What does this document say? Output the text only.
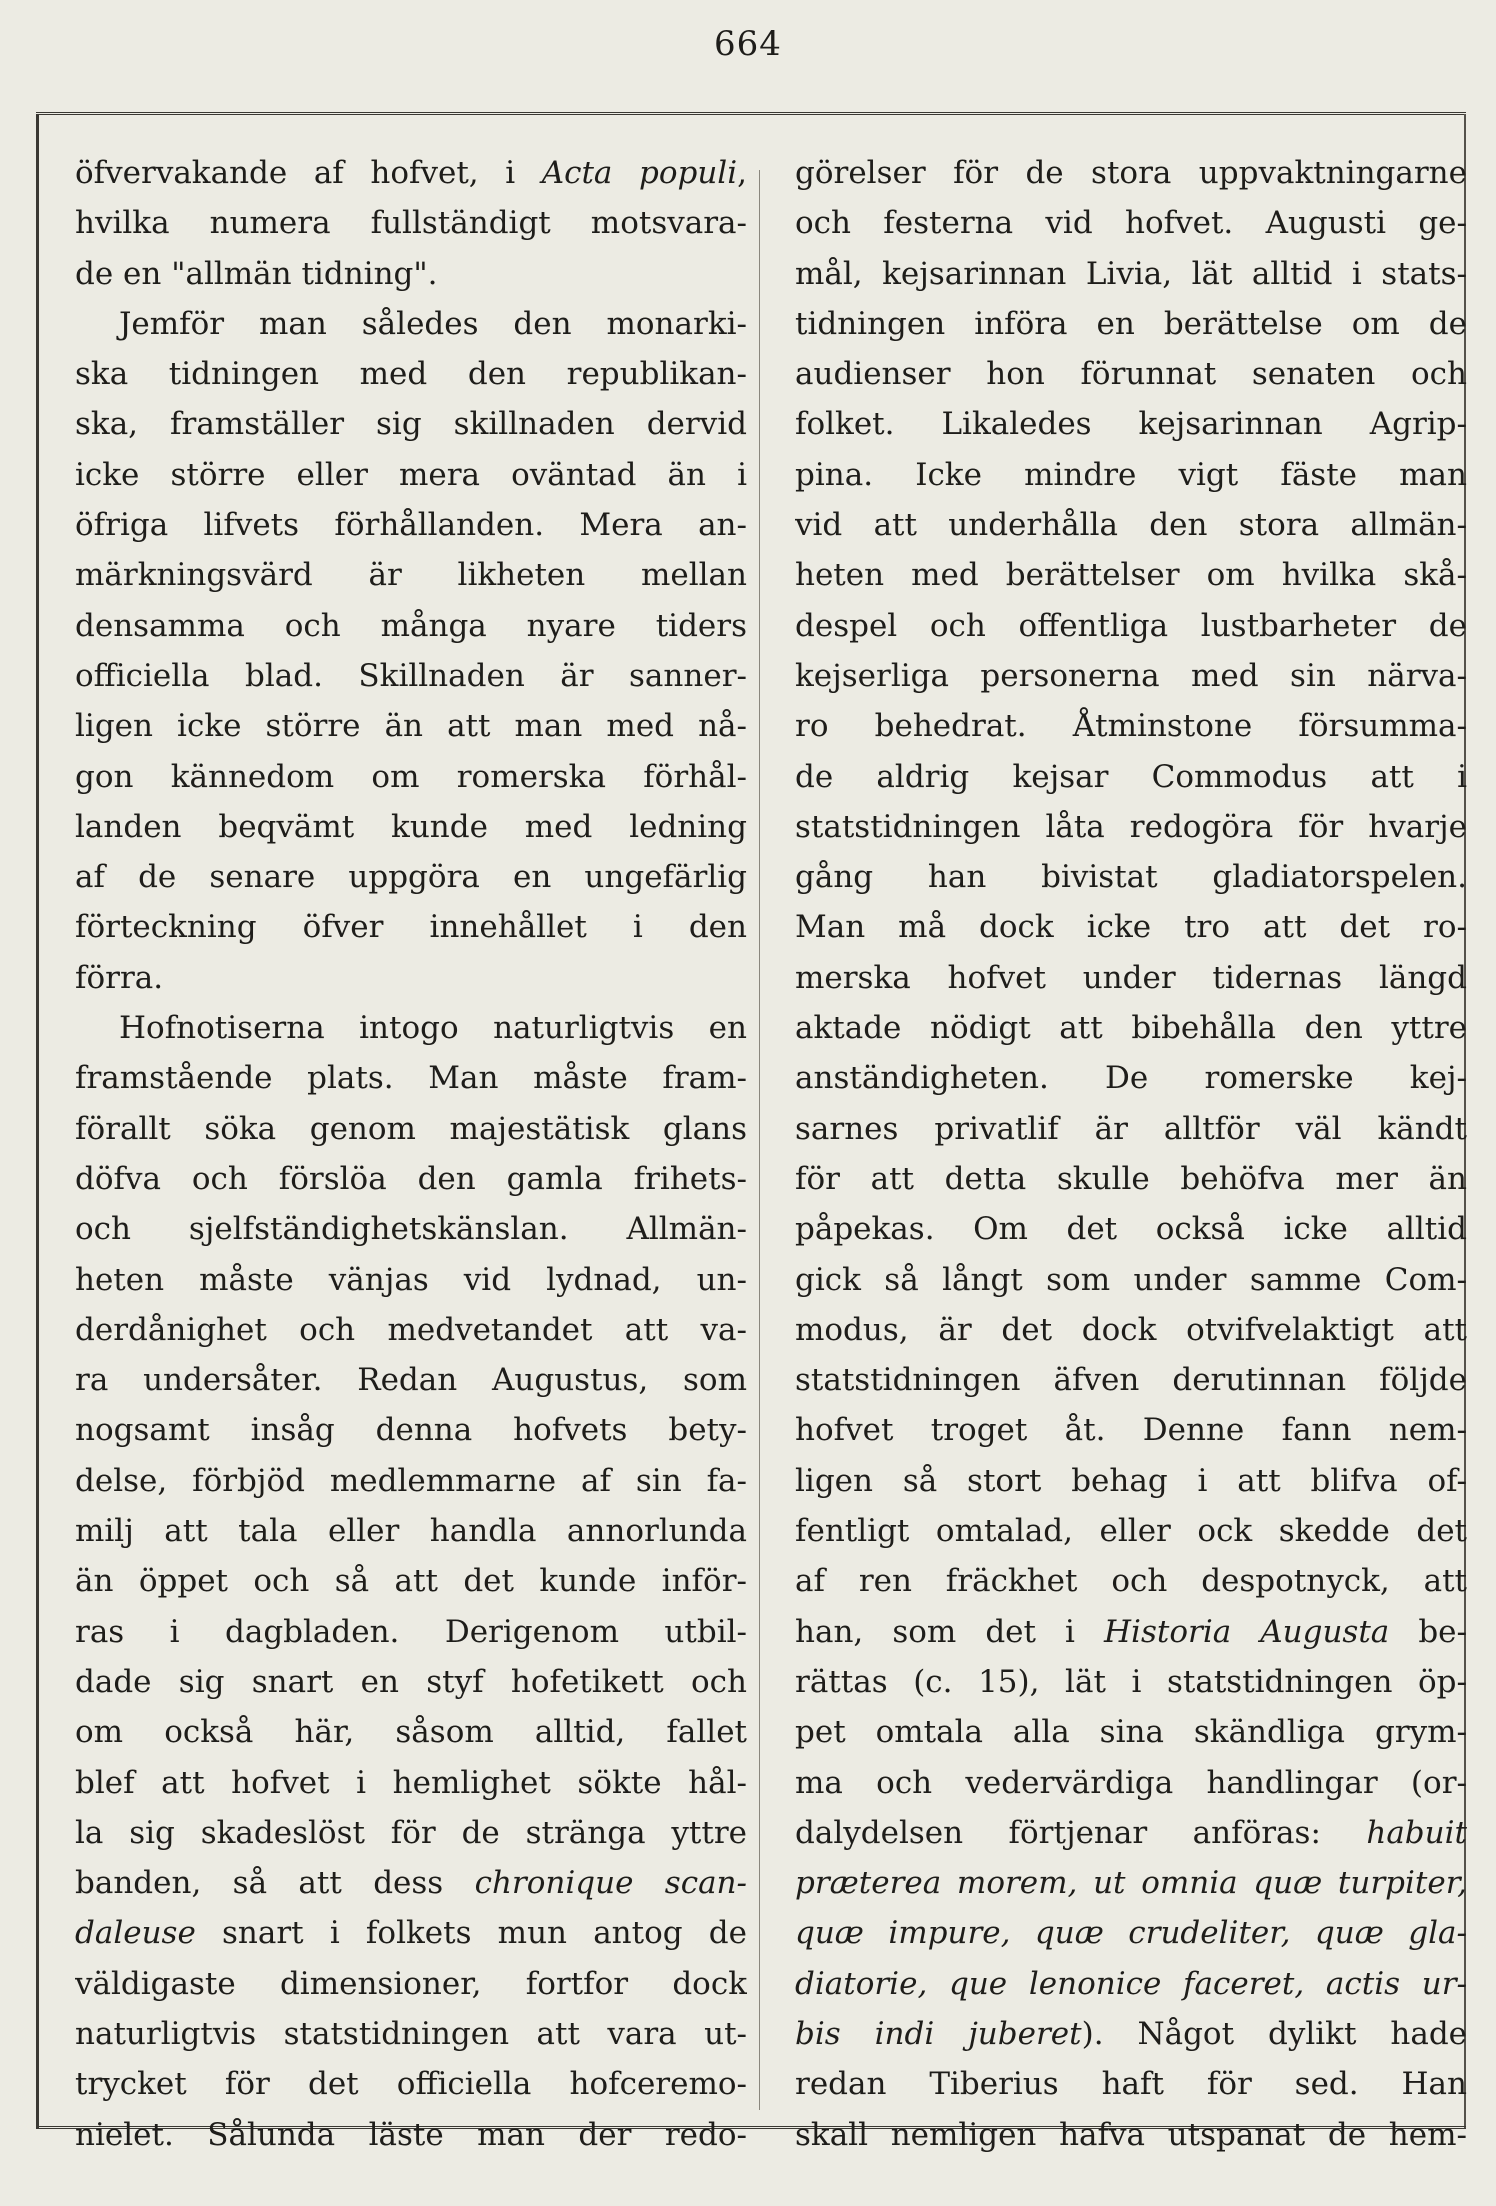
664
öfvervakande af hofvet, i Acta populi,
hvilka numera fullständigt motsvara-
de en "allmän tidning".
Jemför man således den monarki-
ska tidningen med den republikan-
ska, framställer sig skillnaden dervid
icke större eller mera oväntad än i
öfriga lifvets förhållanden. Mera an-
märkningsvärd är likheten mellan
densamma och många nyare tiders
officiella blad. Skillnaden är sanner-
ligen icke större än att man med nå-
gon kännedom om romerska förhål-
landen beqvämt kunde med ledning
af de senare uppgöra en ungefärlig
förteckning öfver innehållet i den
förra.
Hofnotiserna intogo naturligtvis en
framstående plats. Man måste fram-
förallt söka genom majestätisk glans
döfva och förslöa den gamla frihets-
och sjelfständighetskänslan. Allmän-
heten måste vänjas vid lydnad, un-
derdånighet och medvetandet att va-
ra undersåter. Redan Augustus, som
nogsamt insåg denna hofvets bety-
delse, förbjöd medlemmarne af sin fa-
milj att tala eller handla annorlunda
än öppet och så att det kunde inför-
ras i dagbladen. Derigenom utbil-
dade sig snart en styf hofetikett och
om också här, såsom alltid, fallet
blef att hofvet i hemlighet sökte hål-
la sig skadeslöst för de stränga yttre
banden, så att dess chronique scan-
daleuse snart i folkets mun antog de
väldigaste dimensioner, fortfor dock
naturligtvis statstidningen att vara ut-
trycket för det officiella hofceremo-
nielet. Sålunda läste man der redo-
görelser för de stora uppvaktningarne
och festerna vid hofvet. Augusti ge-
mål, kejsarinnan Livia, lät alltid i stats-
tidningen införa en berättelse om de
audienser hon förunnat senaten och
folket. Likaledes kejsarinnan Agrip-
pina. Icke mindre vigt fäste man
vid att underhålla den stora allmän-
heten med berättelser om hvilka skå-
despel och offentliga lustbarheter de
kejserliga personerna med sin närva-
ro behedrat. Åtminstone försumma-
de aldrig kejsar Commodus att i
statstidningen låta redogöra för hvarje
gång han bivistat gladiatorspelen.
Man må dock icke tro att det ro-
merska hofvet under tidernas längd
aktade nödigt att bibehålla den yttre
anständigheten. De romerske kej-
sarnes privatlif är alltför väl kändt
för att detta skulle behöfva mer än
påpekas. Om det också icke alltid
gick så långt som under samme Com-
modus, är det dock otvifvelaktigt att
statstidningen äfven derutinnan följde
hofvet troget åt. Denne fann nem-
ligen så stort behag i att blifva of-
fentligt omtalad, eller ock skedde det
af ren fräckhet och despotnyck, att
han, som det i Historia Augusta be-
rättas (c. 15), lät i statstidningen öp-
pet omtala alla sina skändliga grym-
ma och vedervärdiga handlingar (or-
dalydelsen förtjenar anföras: habuit
præterea morem, ut omnia quæ turpiter,
quæ impure, quæ crudeliter, quæ gla-
diatorie, que lenonice faceret, actis ur-
bis indi juberet). Något dylikt hade
redan Tiberius haft för sed. Han
skall nemligen hafva utspanat de hem-
